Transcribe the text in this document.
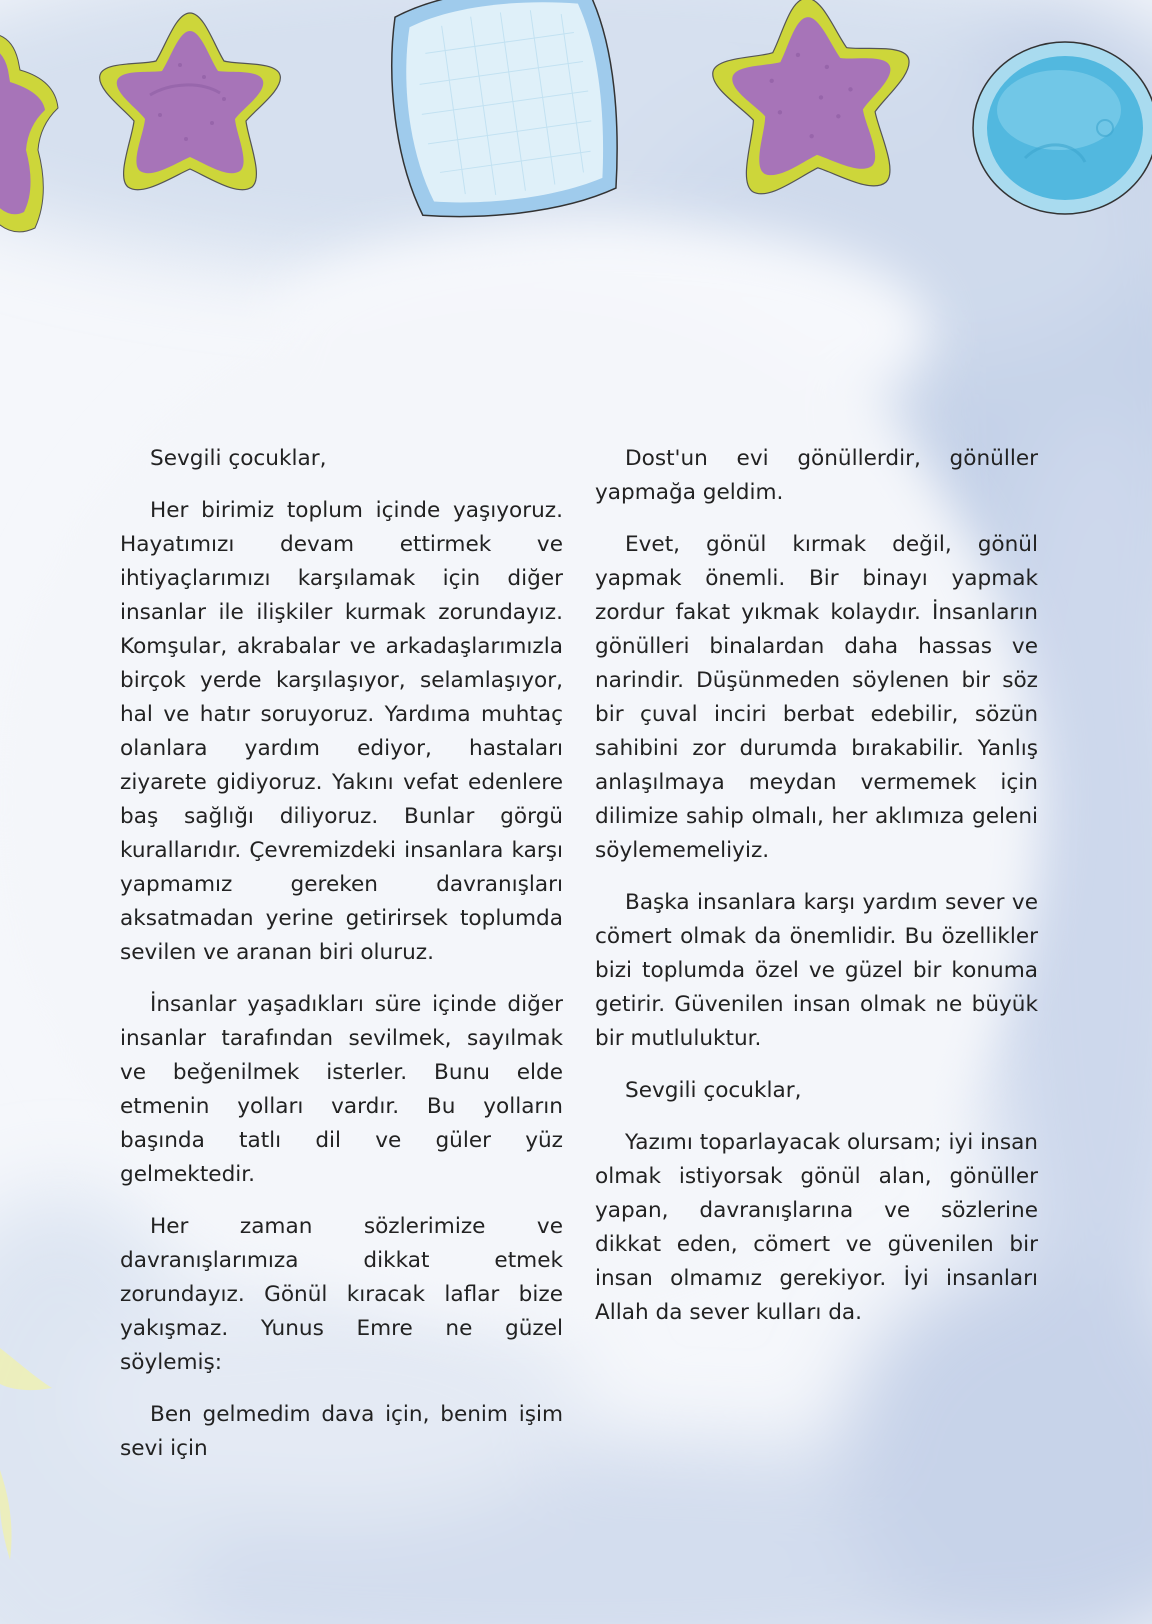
Sevgili çocuklar,

Her birimiz toplum içinde yaşıyoruz. Hayatımızı devam ettirmek ve ihtiyaçlarımızı karşılamak için diğer insanlar ile ilişkiler kurmak zorundayız. Komşular, akrabalar ve arkadaşlarımızla birçok yerde karşılaşıyor, selamlaşıyor, hal ve hatır soruyoruz. Yardıma muhtaç olanlara yardım ediyor, hastaları ziyarete gidiyoruz. Yakını vefat edenlere baş sağlığı diliyoruz. Bunlar görgü kurallarıdır. Çevremizdeki insanlara karşı yapmamız gereken davranışları aksatmadan yerine getirirsek toplumda sevilen ve aranan biri oluruz.

İnsanlar yaşadıkları süre içinde diğer insanlar tarafından sevilmek, sayılmak ve beğenilmek isterler. Bunu elde etmenin yolları vardır. Bu yolların başında tatlı dil ve güler yüz gelmektedir.

Her zaman sözlerimize ve davranışlarımıza dikkat etmek zorundayız. Gönül kıracak laflar bize yakışmaz. Yunus Emre ne güzel söylemiş:

Ben gelmedim dava için, benim işim sevi için

Dost'un evi gönüllerdir, gönüller yapmağa geldim.

Evet, gönül kırmak değil, gönül yapmak önemli. Bir binayı yapmak zordur fakat yıkmak kolaydır. İnsanların gönülleri binalardan daha hassas ve narindir. Düşünmeden söylenen bir söz bir çuval inciri berbat edebilir, sözün sahibini zor durumda bırakabilir. Yanlış anlaşılmaya meydan vermemek için dilimize sahip olmalı, her aklımıza geleni söylememeliyiz.

Başka insanlara karşı yardım sever ve cömert olmak da önemlidir. Bu özellikler bizi toplumda özel ve güzel bir konuma getirir. Güvenilen insan olmak ne büyük bir mutluluktur.

Sevgili çocuklar,

Yazımı toparlayacak olursam; iyi insan olmak istiyorsak gönül alan, gönüller yapan, davranışlarına ve sözlerine dikkat eden, cömert ve güvenilen bir insan olmamız gerekiyor. İyi insanları Allah da sever kulları da.
